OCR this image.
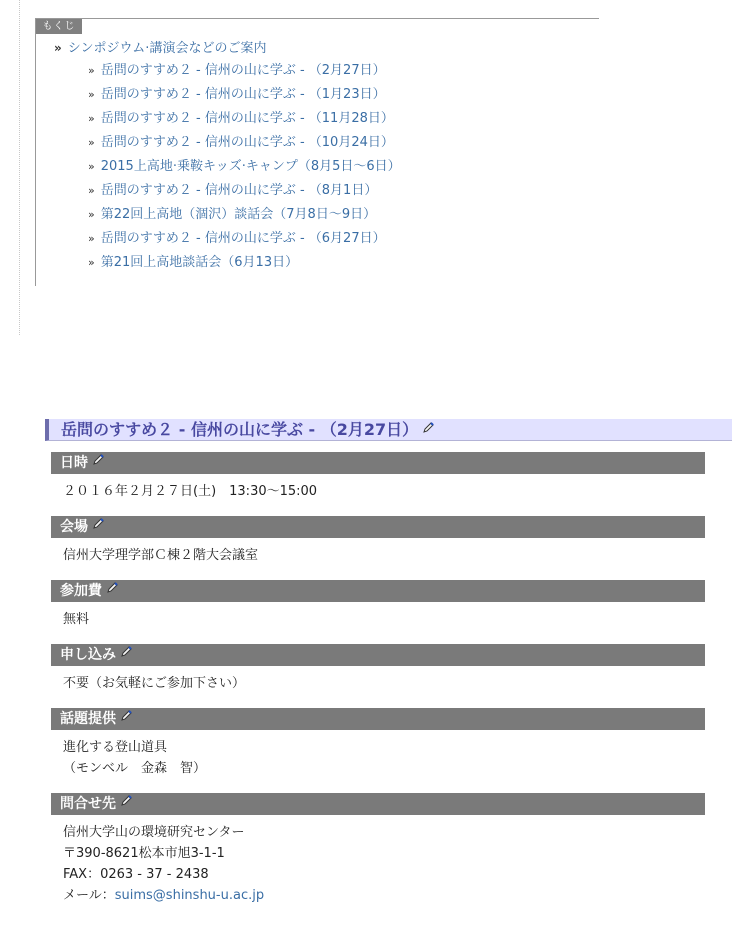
もくじ
» シンポジウム·講演会などのご案内
» 岳問のすすめ２ - 信州の山に学ぶ - （2月27日）
» 岳問のすすめ２ - 信州の山に学ぶ - （1月23日）
» 岳問のすすめ２ - 信州の山に学ぶ - （11月28日）
» 岳問のすすめ２ - 信州の山に学ぶ - （10月24日）
» 2015上高地·乗鞍キッズ·キャンプ（8月5日～6日）
» 岳問のすすめ２ - 信州の山に学ぶ - （8月1日）
» 第22回上高地（涸沢）談話会（7月8日～9日）
» 岳問のすすめ２ - 信州の山に学ぶ - （6月27日）
» 第21回上高地談話会（6月13日）
岳問のすすめ２ - 信州の山に学ぶ - （2月27日）
日時
２０１６年２月２７日(土)　13:30～15:00
会場
信州大学理学部Ｃ棟２階大会議室
参加費
無料
申し込み
不要（お気軽にご参加下さい）
話題提供
進化する登山道具
（モンベル　金森　智）
問合せ先
信州大学山の環境研究センター
〒390-8621松本市旭3-1-1
FAX：0263 - 37 - 2438
メール：suims@shinshu-u.ac.jp
